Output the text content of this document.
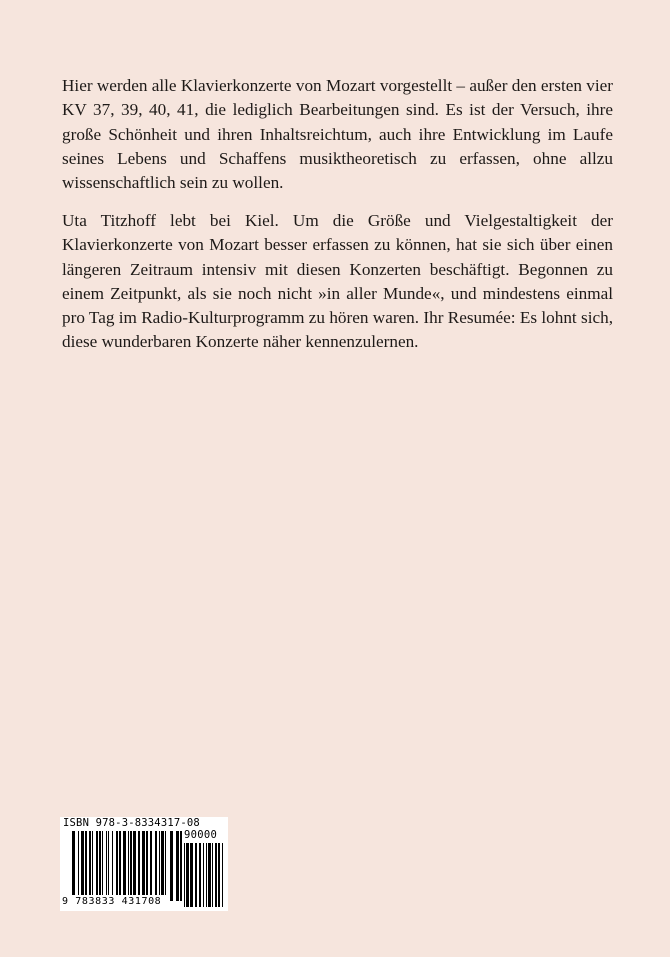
Hier werden alle Klavierkonzerte von Mozart vorgestellt – außer den ersten vier KV 37, 39, 40, 41, die lediglich Bearbeitungen sind. Es ist der Versuch, ihre große Schönheit und ihren Inhaltsreichtum, auch ihre Entwicklung im Laufe seines Lebens und Schaffens musiktheoretisch zu erfassen, ohne allzu wissenschaftlich sein zu wollen.

Uta Titzhoff lebt bei Kiel. Um die Größe und Vielgestaltigkeit der Klavierkonzerte von Mozart besser erfassen zu können, hat sie sich über einen längeren Zeitraum intensiv mit diesen Konzerten beschäftigt. Begonnen zu einem Zeitpunkt, als sie noch nicht »in aller Munde«, und mindestens einmal pro Tag im Radio-Kulturprogramm zu hören waren. Ihr Resumée: Es lohnt sich, diese wunderbaren Konzerte näher kennenzulernen.

ISBN 978-3-8334317-08
90000
9 783833 431708
